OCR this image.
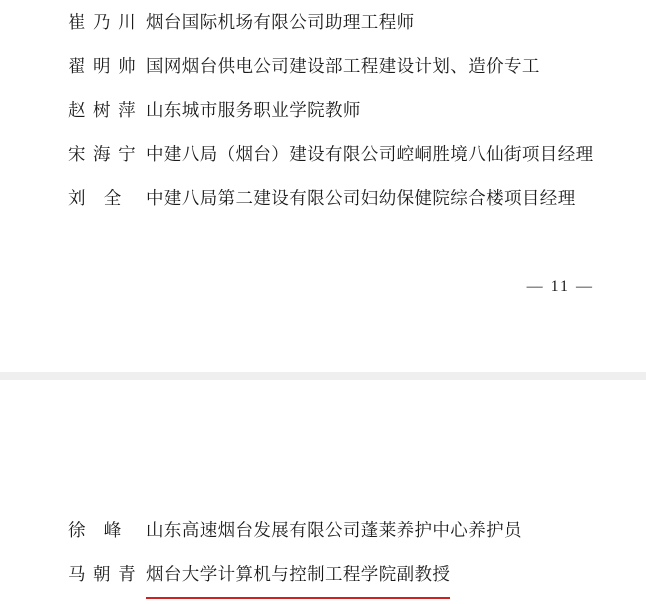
崔乃川 烟台国际机场有限公司助理工程师
翟明帅 国网烟台供电公司建设部工程建设计划、造价专工
赵树萍 山东城市服务职业学院教师
宋海宁 中建八局（烟台）建设有限公司崆峒胜境八仙街项目经理
刘　全	中建八局第二建设有限公司妇幼保健院综合楼项目经理
— 11 —
徐　峰	山东高速烟台发展有限公司蓬莱养护中心养护员
马朝青 烟台大学计算机与控制工程学院副教授
